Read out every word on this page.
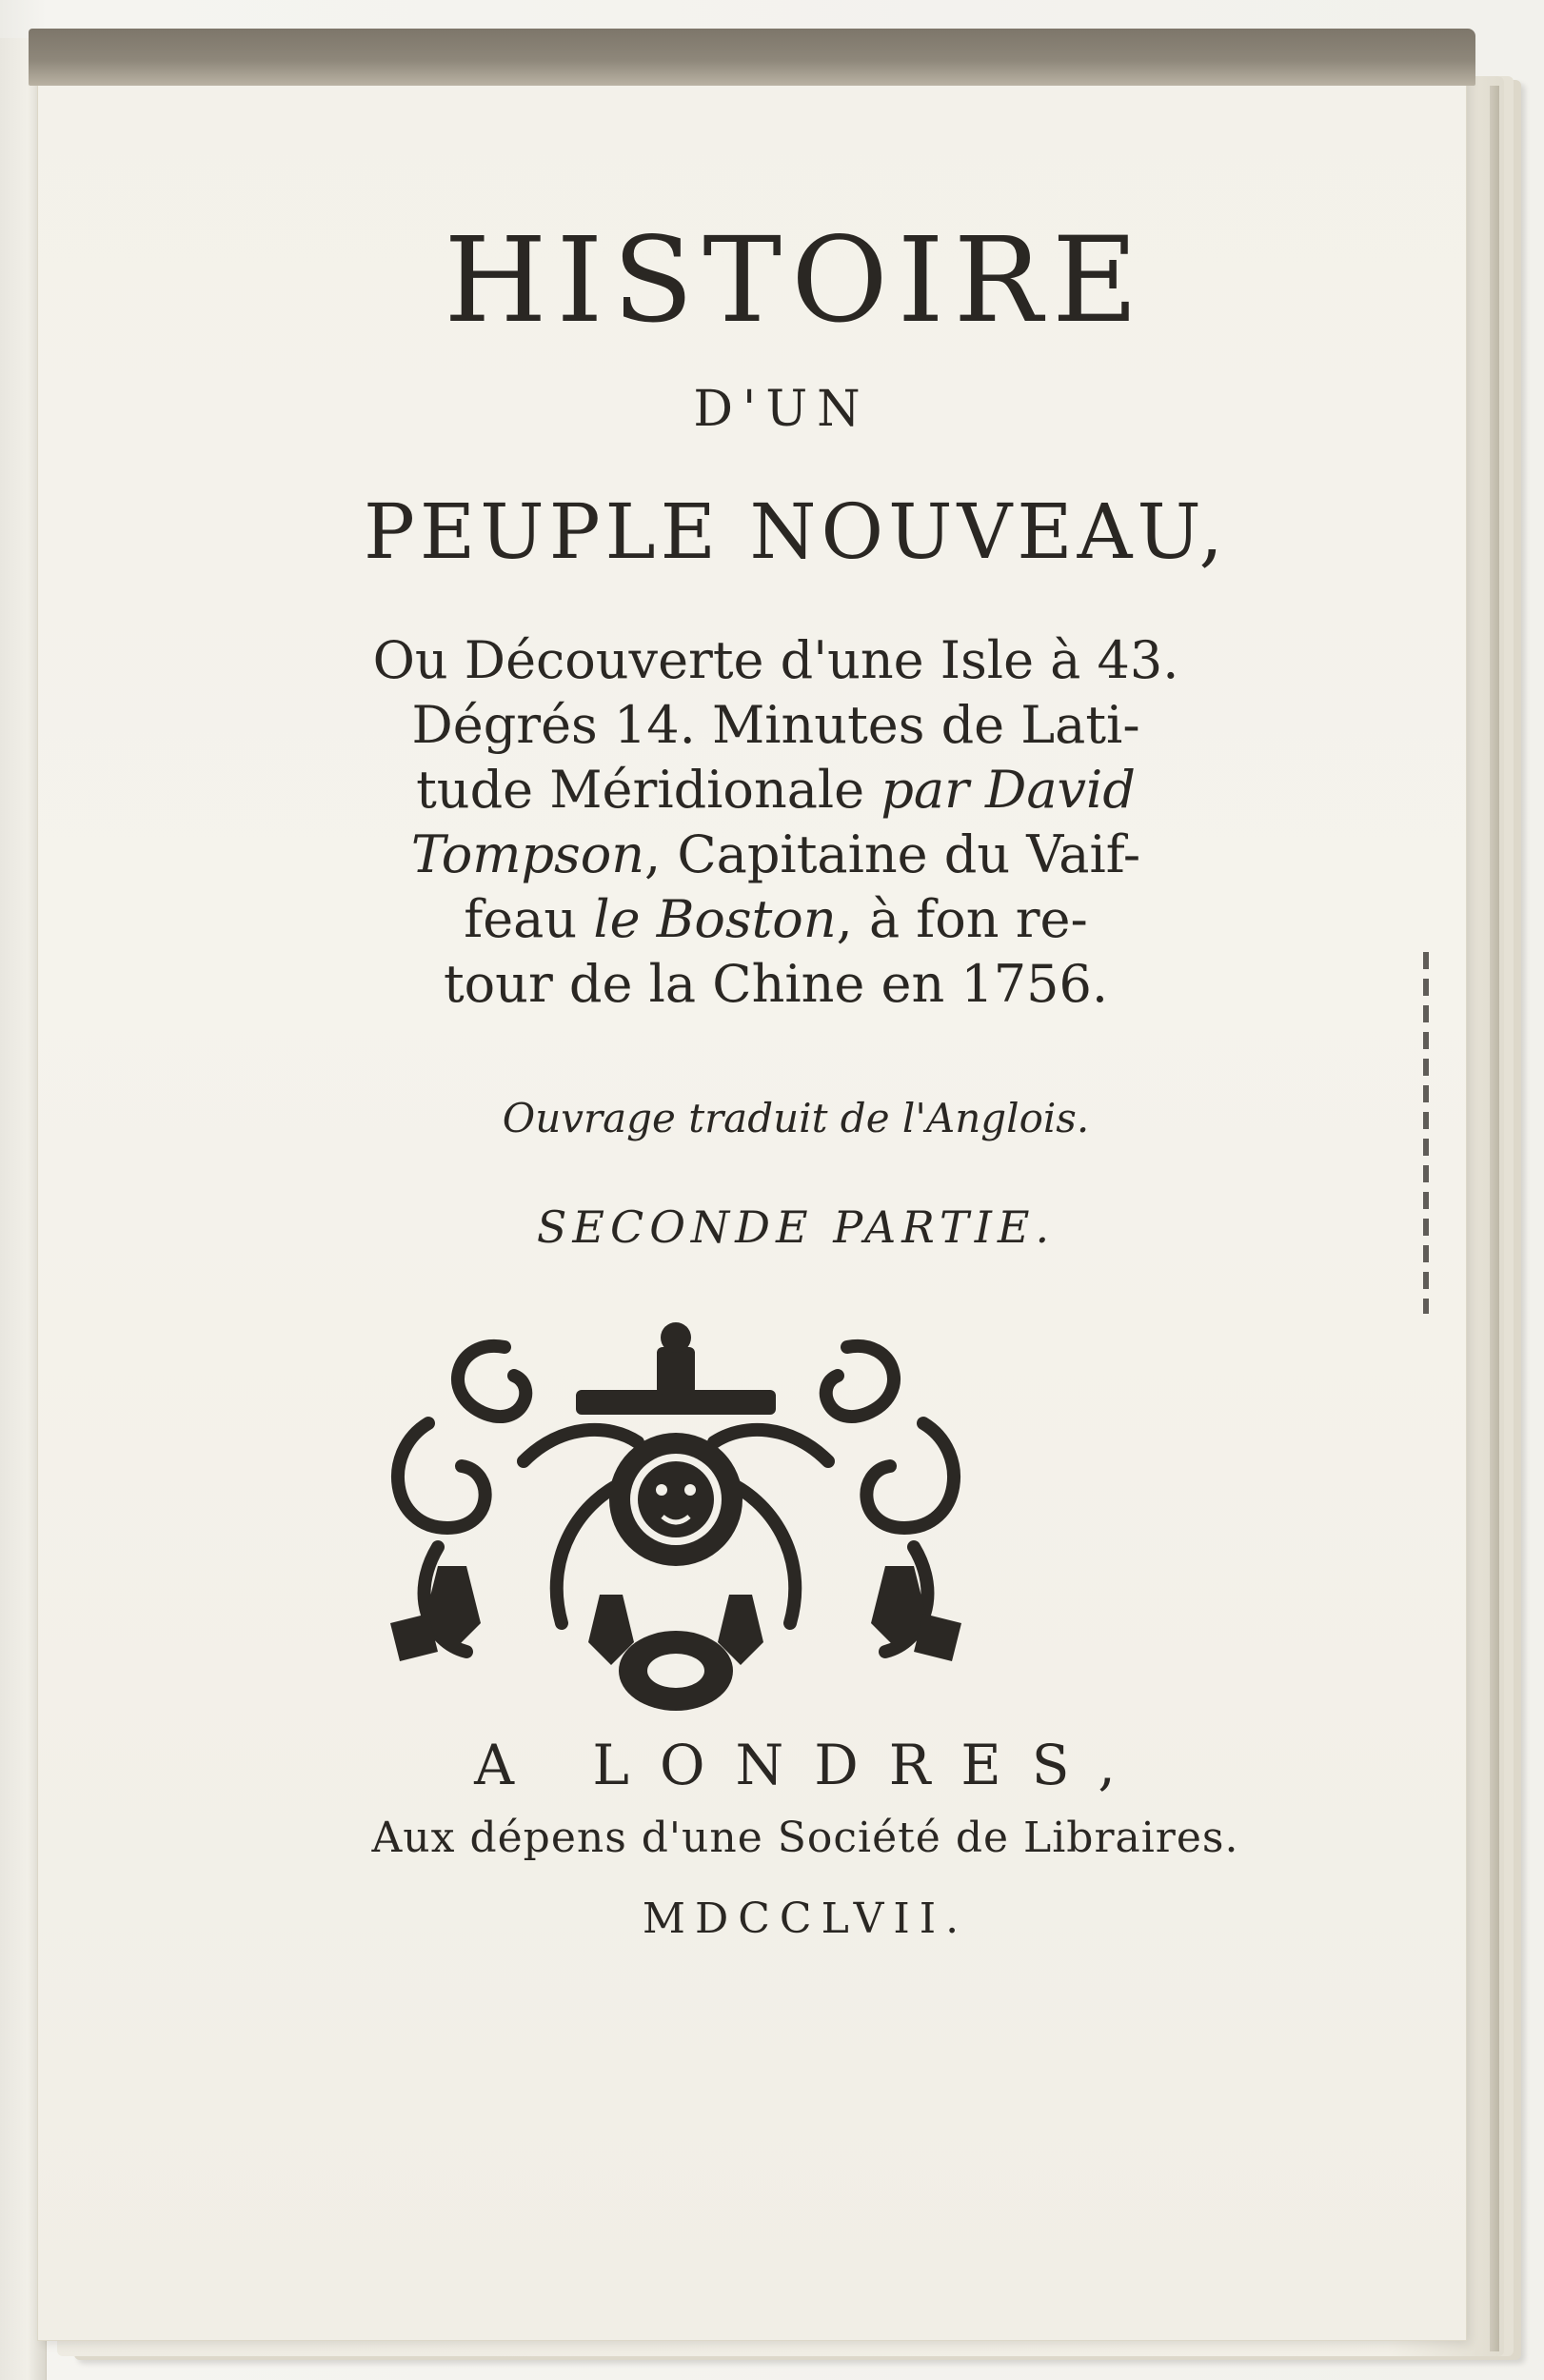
HISTOIRE
D'UN
PEUPLE NOUVEAU,
Ou Découverte d'une Isle à 43.
Dégrés 14. Minutes de Lati-
tude Méridionale par David
Tompson, Capitaine du Vaif-
feau le Boston, à fon re-
tour de la Chine en 1756.
Ouvrage traduit de l'Anglois.
SECONDE PARTIE.
A LONDRES,
Aux dépens d'une Société de Libraires.
MDCCLVII.
